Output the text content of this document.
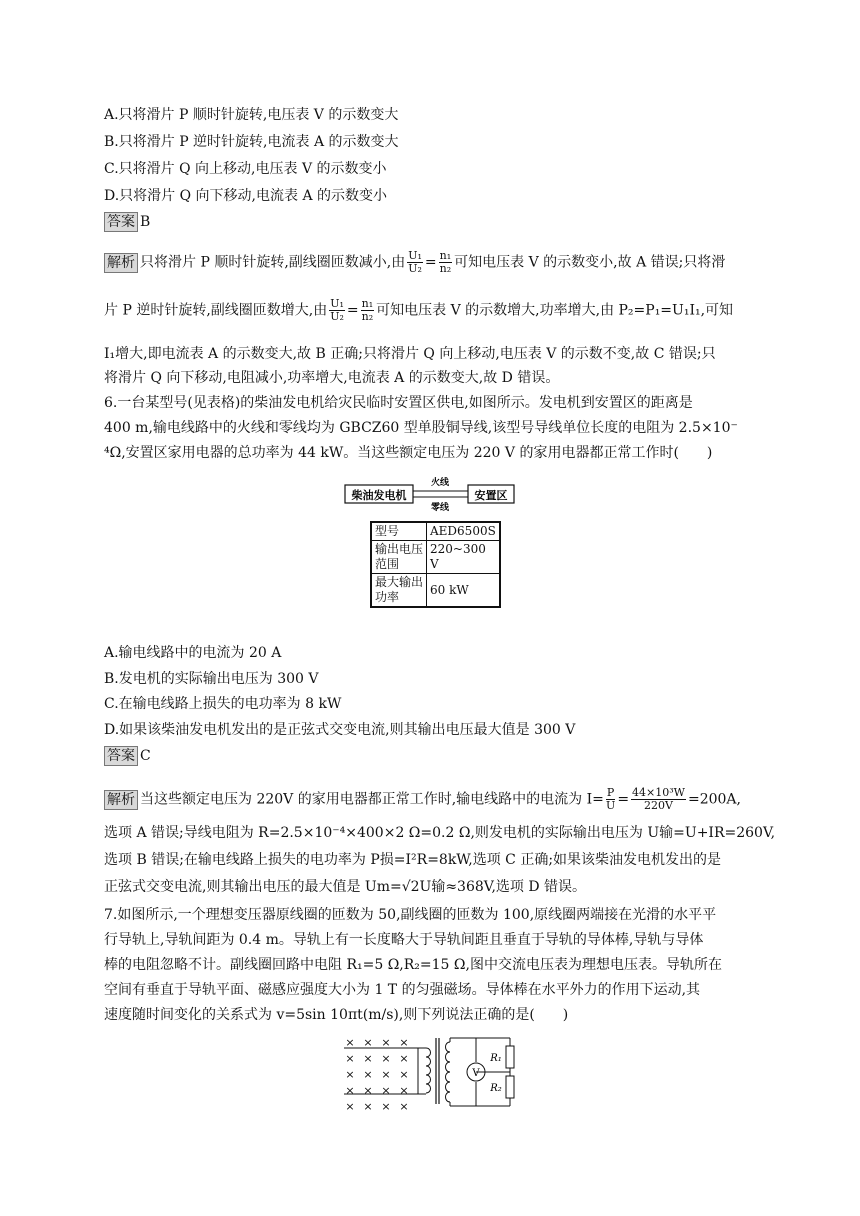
A.只将滑片 P 顺时针旋转,电压表 V 的示数变大
B.只将滑片 P 逆时针旋转,电流表 A 的示数变大
C.只将滑片 Q 向上移动,电压表 V 的示数变小
D.只将滑片 Q 向下移动,电流表 A 的示数变小
答案 B
解析 只将滑片 P 顺时针旋转,副线圈匝数减小,由 $\frac{\text{U₁}}{\text{U₂}} = \frac{\text{n₁}}{\text{n₂}}$ 可知电压表 V 的示数变小,故 A 错误;只将滑
片 P 逆时针旋转,副线圈匝数增大,由 $\frac{\text{U₁}}{\text{U₂}} = \frac{\text{n₁}}{\text{n₂}}$ 可知电压表 V 的示数增大,功率增大,由 P₂=P₁=U₁I₁,可知
I₁增大,即电流表 A 的示数变大,故 B 正确;只将滑片 Q 向上移动,电压表 V 的示数不变,故 C 错误;只
将滑片 Q 向下移动,电阻减小,功率增大,电流表 A 的示数变大,故 D 错误。
6.一台某型号(见表格)的柴油发电机给灾民临时安置区供电,如图所示。发电机到安置区的距离是
400 m,输电线路中的火线和零线均为 GBCZ60 型单股铜导线,该型号导线单位长度的电阻为 2.5×10⁻
⁴Ω,安置区家用电器的总功率为 44 kW。当这些额定电压为 220 V 的家用电器都正常工作时(　　)
柴油发电机	安置区
火线
零线
型号	AED6500S
输出电压范围	220~300 V
最大输出功率	60 kW
A.输电线路中的电流为 20 A
B.发电机的实际输出电压为 300 V
C.在输电线路上损失的电功率为 8 kW
D.如果该柴油发电机发出的是正弦式交变电流,则其输出电压最大值是 300 V
答案 C
解析 当这些额定电压为 220V 的家用电器都正常工作时,输电线路中的电流为 $I= \frac{P}{U} = \frac{\text{44×10³W}}{220V} =200A$,
选项 A 错误;导线电阻为 R=2.5×10⁻⁴×400×2 Ω=0.2 Ω,则发电机的实际输出电压为 U输=U+IR=260V,
选项 B 错误;在输电线路上损失的电功率为 P损=I²R=8kW,选项 C 正确;如果该柴油发电机发出的是
正弦式交变电流,则其输出电压的最大值是 Um=√2U输≈368V,选项 D 错误。
7.如图所示,一个理想变压器原线圈的匝数为 50,副线圈的匝数为 100,原线圈两端接在光滑的水平平
行导轨上,导轨间距为 0.4 m。导轨上有一长度略大于导轨间距且垂直于导轨的导体棒,导轨与导体
棒的电阻忽略不计。副线圈回路中电阻 R₁=5 Ω,R₂=15 Ω,图中交流电压表为理想电压表。导轨所在
空间有垂直于导轨平面、磁感应强度大小为 1 T 的匀强磁场。导体棒在水平外力的作用下运动,其
速度随时间变化的关系式为 v=5sin 10πt(m/s),则下列说法正确的是(　　)
× × × ×
× × × ×
× × × ×
× × × ×
× × × ×
V
R₁
R₂
